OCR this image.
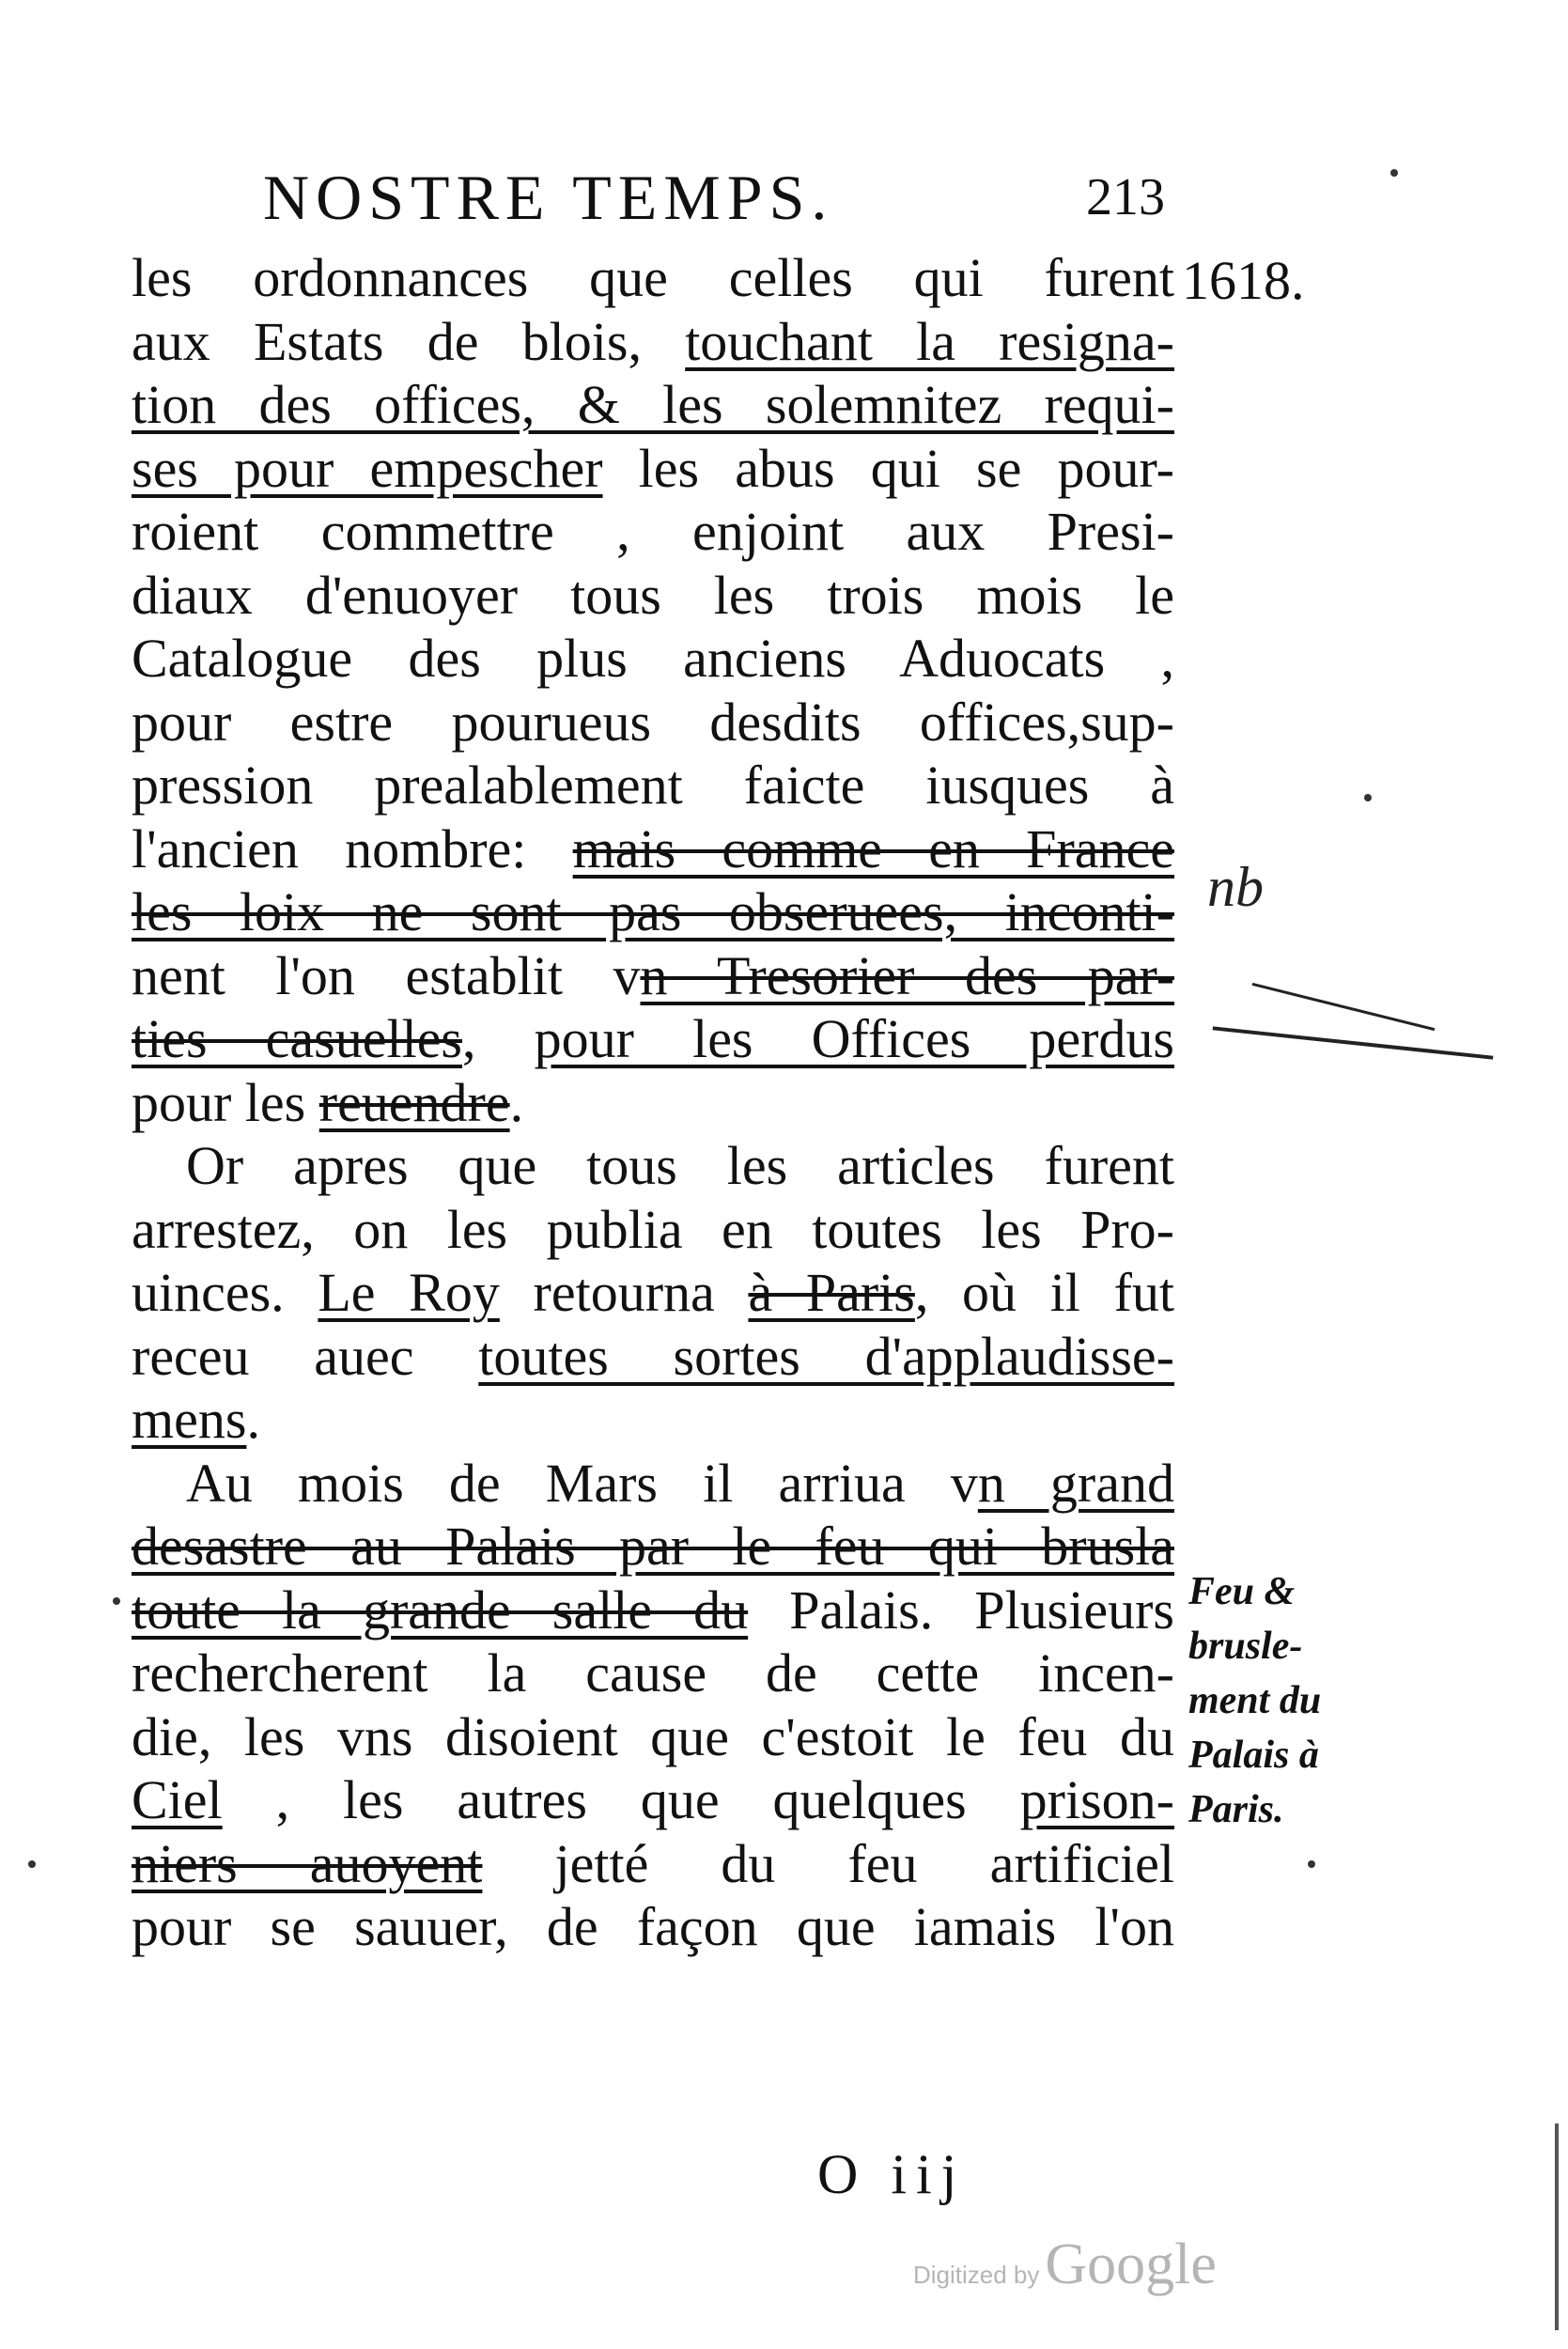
NOSTRE TEMPS.	213
1618.
les ordonnances que celles qui furent
aux Estats de blois, touchant la resigna-
tion des offices, & les solemnitez requi-
ses pour empescher les abus qui se pour-
roient commettre , enjoint aux Presi-
diaux d'enuoyer tous les trois mois le
Catalogue des plus anciens Aduocats ,
pour estre pourueus desdits offices,sup-
pression prealablement faicte iusques à
l'ancien nombre: mais comme en France
les loix ne sont pas obseruees, inconti-
nent l'on establit vn Tresorier des par-
ties casuelles, pour les Offices perdus
pour les reuendre.
Or apres que tous les articles furent
arrestez, on les publia en toutes les Pro-
uinces. Le Roy retourna à Paris, où il fut
receu auec toutes sortes d'applaudisse-
mens.
Au mois de Mars il arriua vn grand
desastre au Palais par le feu qui brusla
toute la grande salle du Palais. Plusieurs
rechercherent la cause de cette incen-
die, les vns disoient que c'estoit le feu du
Ciel , les autres que quelques prison-
niers auoyent jetté du feu artificiel
pour se sauuer, de façon que iamais l'on
nb
Feu &
brusle-
ment du
Palais à
Paris.
O iij
Digitized byGoogle
